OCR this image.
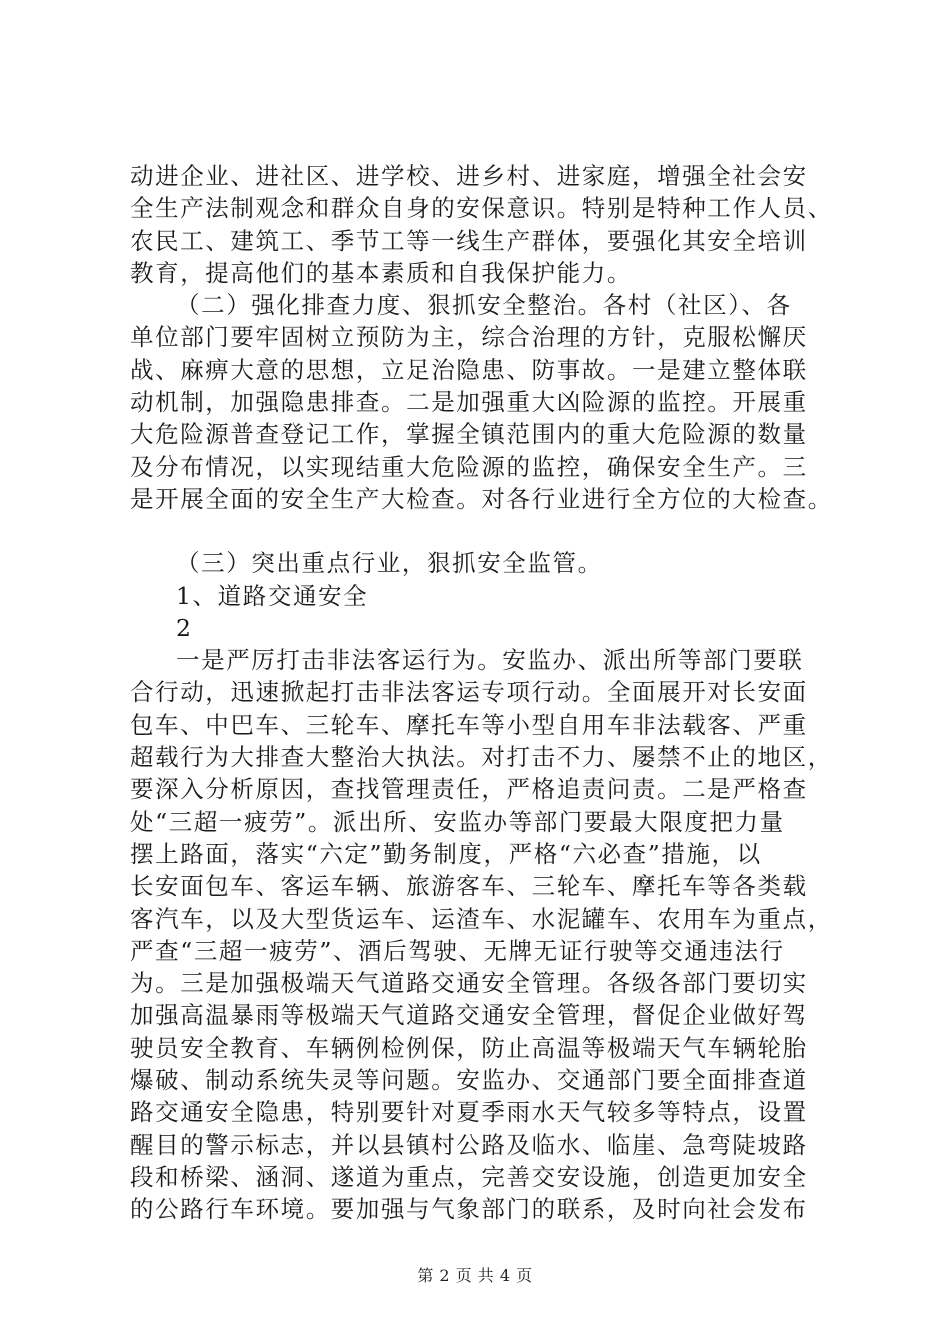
动进企业、进社区、进学校、进乡村、进家庭，增强全社会安
全生产法制观念和群众自身的安保意识。特别是特种工作人员、
农民工、建筑工、季节工等一线生产群体，要强化其安全培训
教育，提高他们的基本素质和自我保护能力。
（二）强化排查力度、狠抓安全整治。各村（社区）、各
单位部门要牢固树立预防为主，综合治理的方针，克服松懈厌
战、麻痹大意的思想，立足治隐患、防事故。一是建立整体联
动机制，加强隐患排查。二是加强重大凶险源的监控。开展重
大危险源普查登记工作，掌握全镇范围内的重大危险源的数量
及分布情况，以实现结重大危险源的监控，确保安全生产。三
是开展全面的安全生产大检查。对各行业进行全方位的大检查。
（三）突出重点行业，狠抓安全监管。
1、道路交通安全
2
一是严厉打击非法客运行为。安监办、派出所等部门要联
合行动，迅速掀起打击非法客运专项行动。全面展开对长安面
包车、中巴车、三轮车、摩托车等小型自用车非法载客、严重
超载行为大排查大整治大执法。对打击不力、屡禁不止的地区，
要深入分析原因，查找管理责任，严格追责问责。二是严格查
处“三超一疲劳”。派出所、安监办等部门要最大限度把力量
摆上路面，落实“六定”勤务制度，严格“六必查”措施，以
长安面包车、客运车辆、旅游客车、三轮车、摩托车等各类载
客汽车，以及大型货运车、运渣车、水泥罐车、农用车为重点，
严查“三超一疲劳”、酒后驾驶、无牌无证行驶等交通违法行
为。三是加强极端天气道路交通安全管理。各级各部门要切实
加强高温暴雨等极端天气道路交通安全管理，督促企业做好驾
驶员安全教育、车辆例检例保，防止高温等极端天气车辆轮胎
爆破、制动系统失灵等问题。安监办、交通部门要全面排查道
路交通安全隐患，特别要针对夏季雨水天气较多等特点，设置
醒目的警示标志，并以县镇村公路及临水、临崖、急弯陡坡路
段和桥梁、涵洞、遂道为重点，完善交安设施，创造更加安全
的公路行车环境。要加强与气象部门的联系，及时向社会发布
第 2 页 共 4 页
